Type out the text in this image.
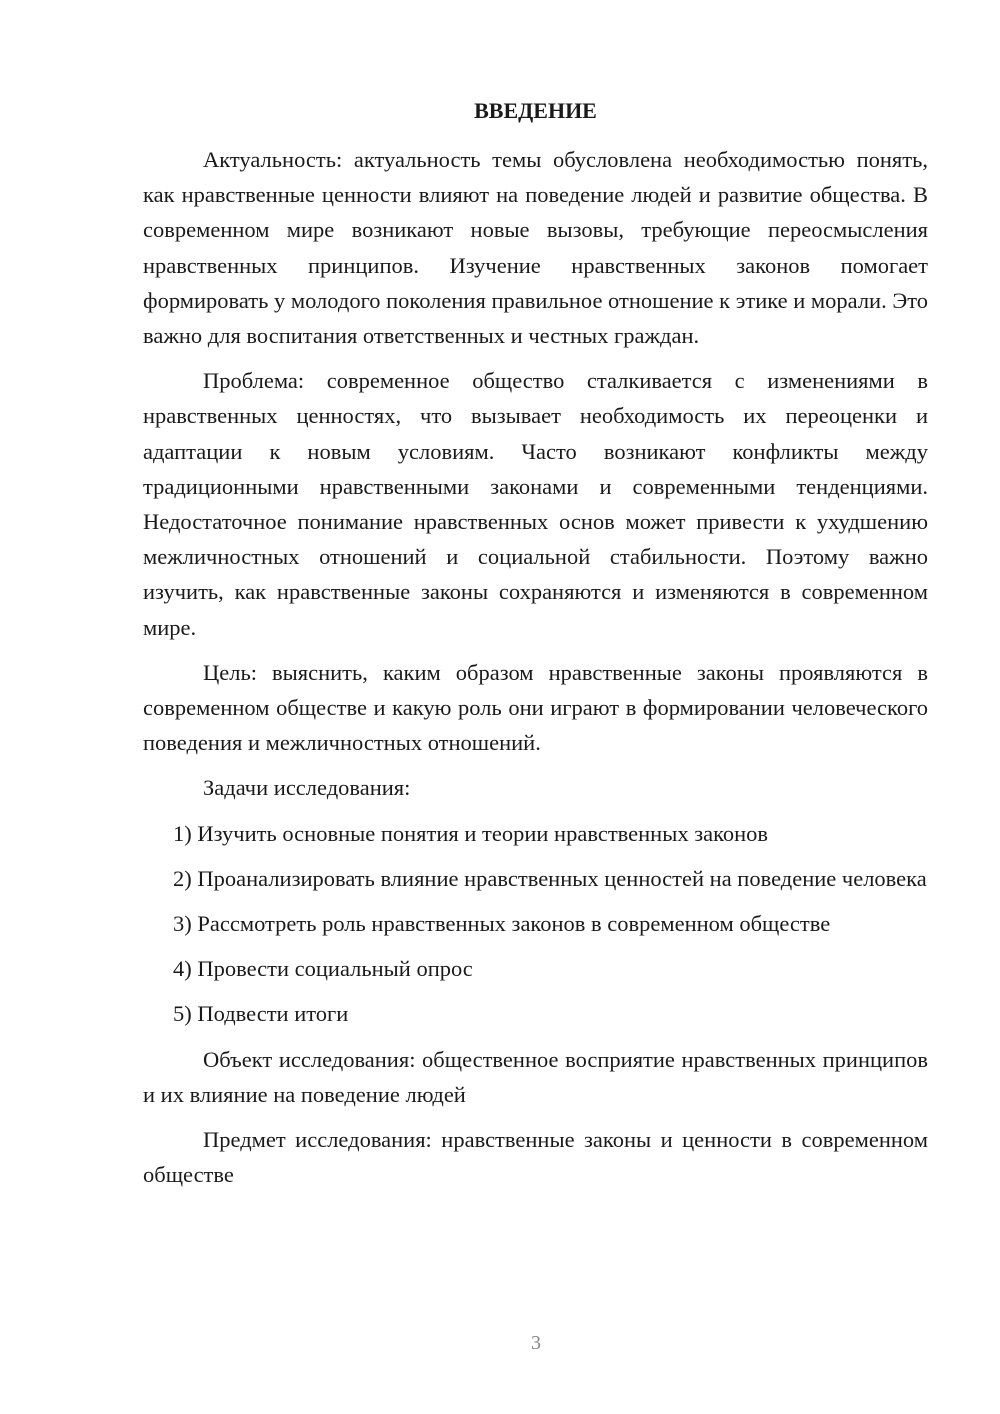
ВВЕДЕНИЕ

Актуальность: актуальность темы обусловлена необходимостью понять, как нравственные ценности влияют на поведение людей и развитие общества. В современном мире возникают новые вызовы, требующие переосмысления нравственных принципов. Изучение нравственных законов помогает формировать у молодого поколения правильное отношение к этике и морали. Это важно для воспитания ответственных и честных граждан.

Проблема: современное общество сталкивается с изменениями в нравственных ценностях, что вызывает необходимость их переоценки и адаптации к новым условиям. Часто возникают конфликты между традиционными нравственными законами и современными тенденциями. Недостаточное понимание нравственных основ может привести к ухудшению межличностных отношений и социальной стабильности. Поэтому важно изучить, как нравственные законы сохраняются и изменяются в современном мире.

Цель: выяснить, каким образом нравственные законы проявляются в современном обществе и какую роль они играют в формировании человеческого поведения и межличностных отношений.

Задачи исследования:

1) Изучить основные понятия и теории нравственных законов

2) Проанализировать влияние нравственных ценностей на поведение человека

3) Рассмотреть роль нравственных законов в современном обществе

4) Провести социальный опрос

5) Подвести итоги

Объект исследования: общественное восприятие нравственных принципов и их влияние на поведение людей

Предмет исследования: нравственные законы и ценности в современном обществе

3
